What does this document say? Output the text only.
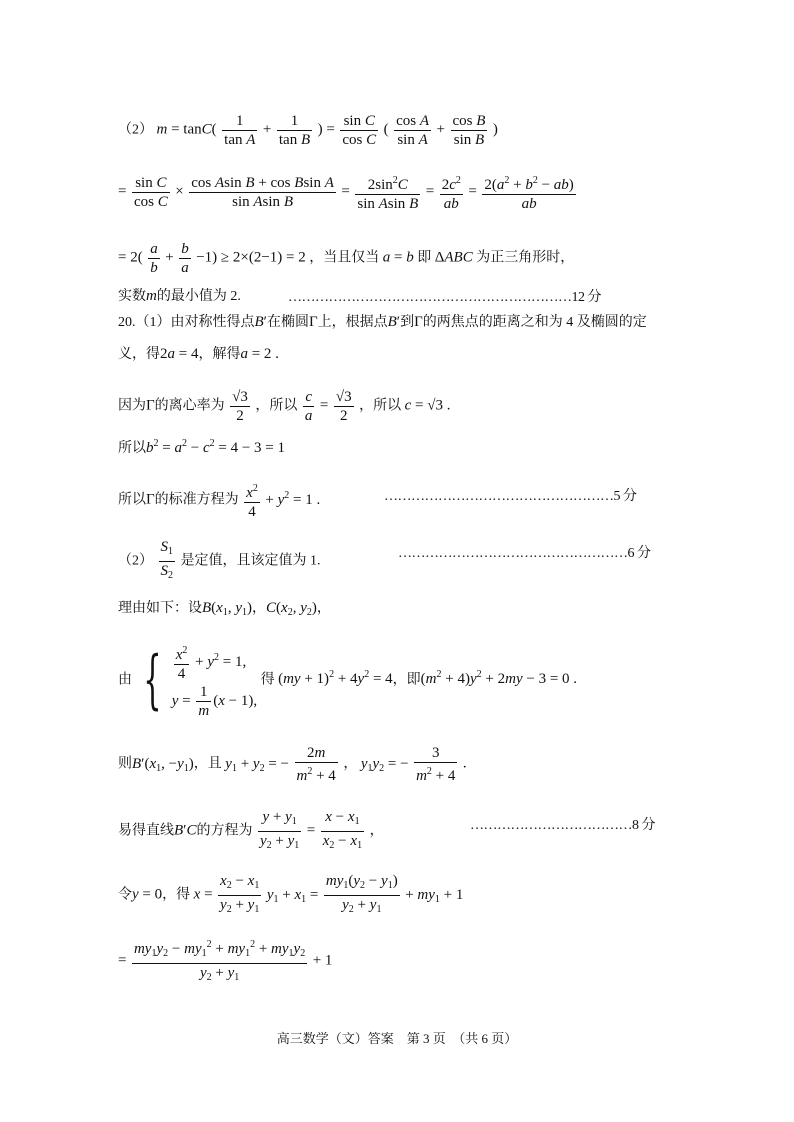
（2） $m = \tan C( \frac{1}{\text{tan A}} + \frac{1}{\text{tan B}}$ ) = $\frac{\text{sin C}}{\text{cos C}}$ ( $\frac{\text{cos A}}{\text{sin A}} + \frac{\text{cos B}}{\text{sin B}}$ )
= $\frac{\text{sin C}}{\text{cos C}} \times \frac{\text{cos Asin B + cos Bsin A}}{\text{sin Asin B}} = \frac{2\sin^2C}{\text{sin Asin B}} = \frac{2c^2}{ab} = \frac{2(a^2 + b^2 - ab)}{ab}$
= $2( \frac{a}{b} + \frac{b}{a} -1) \ge 2\times(2-1) = 2$ ，当且仅当 a = b 即 ΔABC 为正三角形时，
实数m的最小值为 2.	………………………………………………………12 分
20.（1）由对称性得点B′在椭圆Γ上，根据点B′到Γ的两焦点的距离之和为 4 及椭圆的定
义，得2a = 4，解得a = 2 .
因为Γ的离心率为 $\frac{√3}{2}$ ，所以 $\frac{c}{a} = \frac{√3}{2}$ ，所以 c = √3 .
所以$b^2 = a^2 - c^2 = 4 - 3 = 1$
所以Γ的标准方程为 $\frac{x^2}{4} + y^2 = 1$ .	……………………………………………5 分
$(2) \frac{S_1}{S_2}$ 是定值，且该定值为 1.
……………………………………………6 分
理由如下：设$B(x_1$, $y_1$)，$C(x_2$, $y_2$)，
由 { $\frac{x^2}{4} + y^2 = 1$,
$y = \frac{1}{m} (x - 1)$,
得 $(my + 1)^2 + 4y^2 = 4$，即$(m^2 + 4)y^2 + 2my - 3 = 0$ .
则$B'(x_1$, $-y_1$)，且 $y_1 + y_2$ = − $\frac{2m}{m^2 + 4}$ ， $y_1y_2$ = − $\frac{3}{m^2 + 4}$ .
易得直线B′C的方程为 $\frac{y + y_1}{y_2 + y_1} = \frac{x - x_1}{x_2 - x_1}$ ，	………………………………8 分
令y = 0，得 $x = \frac{x_2 - x_1}{y_2 + y_1} y_1 + x_1 = \frac{my_1(y_2 - y_1)}{y_2 + y_1} + my_1 + 1$
= $\frac{my_1y_2 - my_1^2 + my_1^2 + my_1y_2}{y_2 + y_1} + 1$
高三数学（文）答案　第 3 页　（共 6 页）
